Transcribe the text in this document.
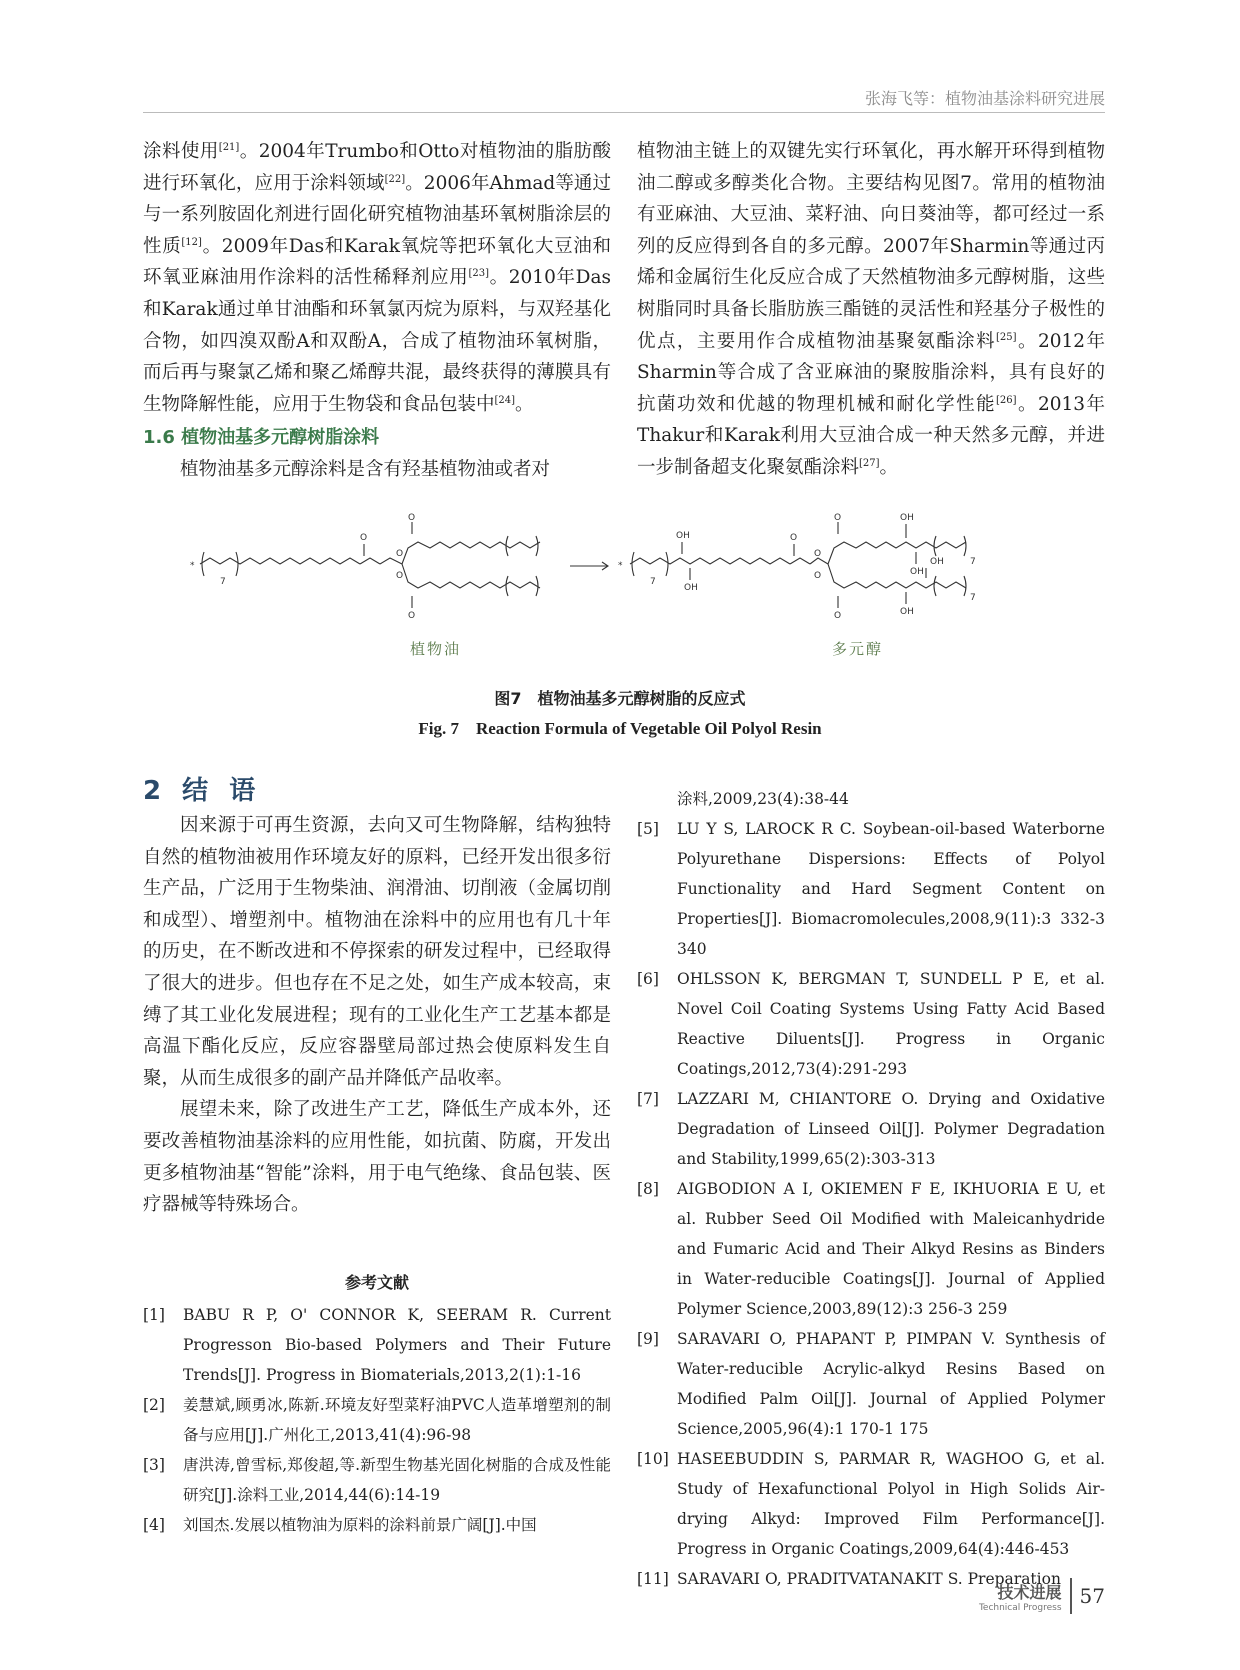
张海飞等：植物油基涂料研究进展

涂料使用[21]。2004年Trumbo和Otto对植物油的脂肪酸进行环氧化，应用于涂料领域[22]。2006年Ahmad等通过与一系列胺固化剂进行固化研究植物油基环氧树脂涂层的性质[12]。2009年Das和Karak氧烷等把环氧化大豆油和环氧亚麻油用作涂料的活性稀释剂应用[23]。2010年Das和Karak通过单甘油酯和环氧氯丙烷为原料，与双羟基化合物，如四溴双酚A和双酚A，合成了植物油环氧树脂，而后再与聚氯乙烯和聚乙烯醇共混，最终获得的薄膜具有生物降解性能，应用于生物袋和食品包装中[24]。

1.6 植物油基多元醇树脂涂料

植物油基多元醇涂料是含有羟基植物油或者对

植物油主链上的双键先实行环氧化，再水解开环得到植物油二醇或多醇类化合物。主要结构见图7。常用的植物油有亚麻油、大豆油、菜籽油、向日葵油等，都可经过一系列的反应得到各自的多元醇。2007年Sharmin等通过丙烯和金属衍生化反应合成了天然植物油多元醇树脂，这些树脂同时具备长脂肪族三酯链的灵活性和羟基分子极性的优点，主要用作合成植物油基聚氨酯涂料[25]。2012年Sharmin等合成了含亚麻油的聚胺脂涂料，具有良好的抗菌功效和优越的物理机械和耐化学性能[26]。2013年Thakur和Karak利用大豆油合成一种天然多元醇，并进一步制备超支化聚氨酯涂料[27]。

*
7
O
O
O
O
O
*
7
OH
OH
O
O
O
O
O
OH
OH
OH
OH
7
7
植物油	多元醇
图7　植物油基多元醇树脂的反应式
Fig. 7　Reaction Formula of Vegetable Oil Polyol Resin
2 结 语

因来源于可再生资源，去向又可生物降解，结构独特自然的植物油被用作环境友好的原料，已经开发出很多衍生产品，广泛用于生物柴油、润滑油、切削液（金属切削和成型）、增塑剂中。植物油在涂料中的应用也有几十年的历史，在不断改进和不停探索的研发过程中，已经取得了很大的进步。但也存在不足之处，如生产成本较高，束缚了其工业化发展进程；现有的工业化生产工艺基本都是高温下酯化反应，反应容器壁局部过热会使原料发生自聚，从而生成很多的副产品并降低产品收率。

展望未来，除了改进生产工艺，降低生产成本外，还要改善植物油基涂料的应用性能，如抗菌、防腐，开发出更多植物油基“智能”涂料，用于电气绝缘、食品包装、医疗器械等特殊场合。

参考文献
[1] BABU R P, O' CONNOR K, SEERAM R. Current Progresson Bio-based Polymers and Their Future Trends[J]. Progress in Biomaterials,2013,2(1):1-16
[2] 姜慧斌,顾勇冰,陈新.环境友好型菜籽油PVC人造革增塑剂的制备与应用[J].广州化工,2013,41(4):96-98
[3] 唐洪涛,曾雪标,郑俊超,等.新型生物基光固化树脂的合成及性能研究[J].涂料工业,2014,44(6):14-19
[4] 刘国杰.发展以植物油为原料的涂料前景广阔[J].中国
涂料,2009,23(4):38-44
[5] LU Y S, LAROCK R C. Soybean-oil-based Waterborne Polyurethane Dispersions: Effects of Polyol Functionality and Hard Segment Content on Properties[J]. Biomacromolecules,2008,9(11):3 332-3 340
[6] OHLSSON K, BERGMAN T, SUNDELL P E, et al. Novel Coil Coating Systems Using Fatty Acid Based Reactive Diluents[J]. Progress in Organic Coatings,2012,73(4):291-293
[7] LAZZARI M, CHIANTORE O. Drying and Oxidative Degradation of Linseed Oil[J]. Polymer Degradation and Stability,1999,65(2):303-313
[8] AIGBODION A I, OKIEMEN F E, IKHUORIA E U, et al. Rubber Seed Oil Modified with Maleicanhydride and Fumaric Acid and Their Alkyd Resins as Binders in Water-reducible Coatings[J]. Journal of Applied Polymer Science,2003,89(12):3 256-3 259
[9] SARAVARI O, PHAPANT P, PIMPAN V. Synthesis of Water-reducible Acrylic-alkyd Resins Based on Modified Palm Oil[J]. Journal of Applied Polymer Science,2005,96(4):1 170-1 175
[10] HASEEBUDDIN S, PARMAR R, WAGHOO G, et al. Study of Hexafunctional Polyol in High Solids Air-drying Alkyd: Improved Film Performance[J]. Progress in Organic Coatings,2009,64(4):446-453
[11] SARAVARI O, PRADITVATANAKIT S. Preparation
技术进展
Technical Progress 57
